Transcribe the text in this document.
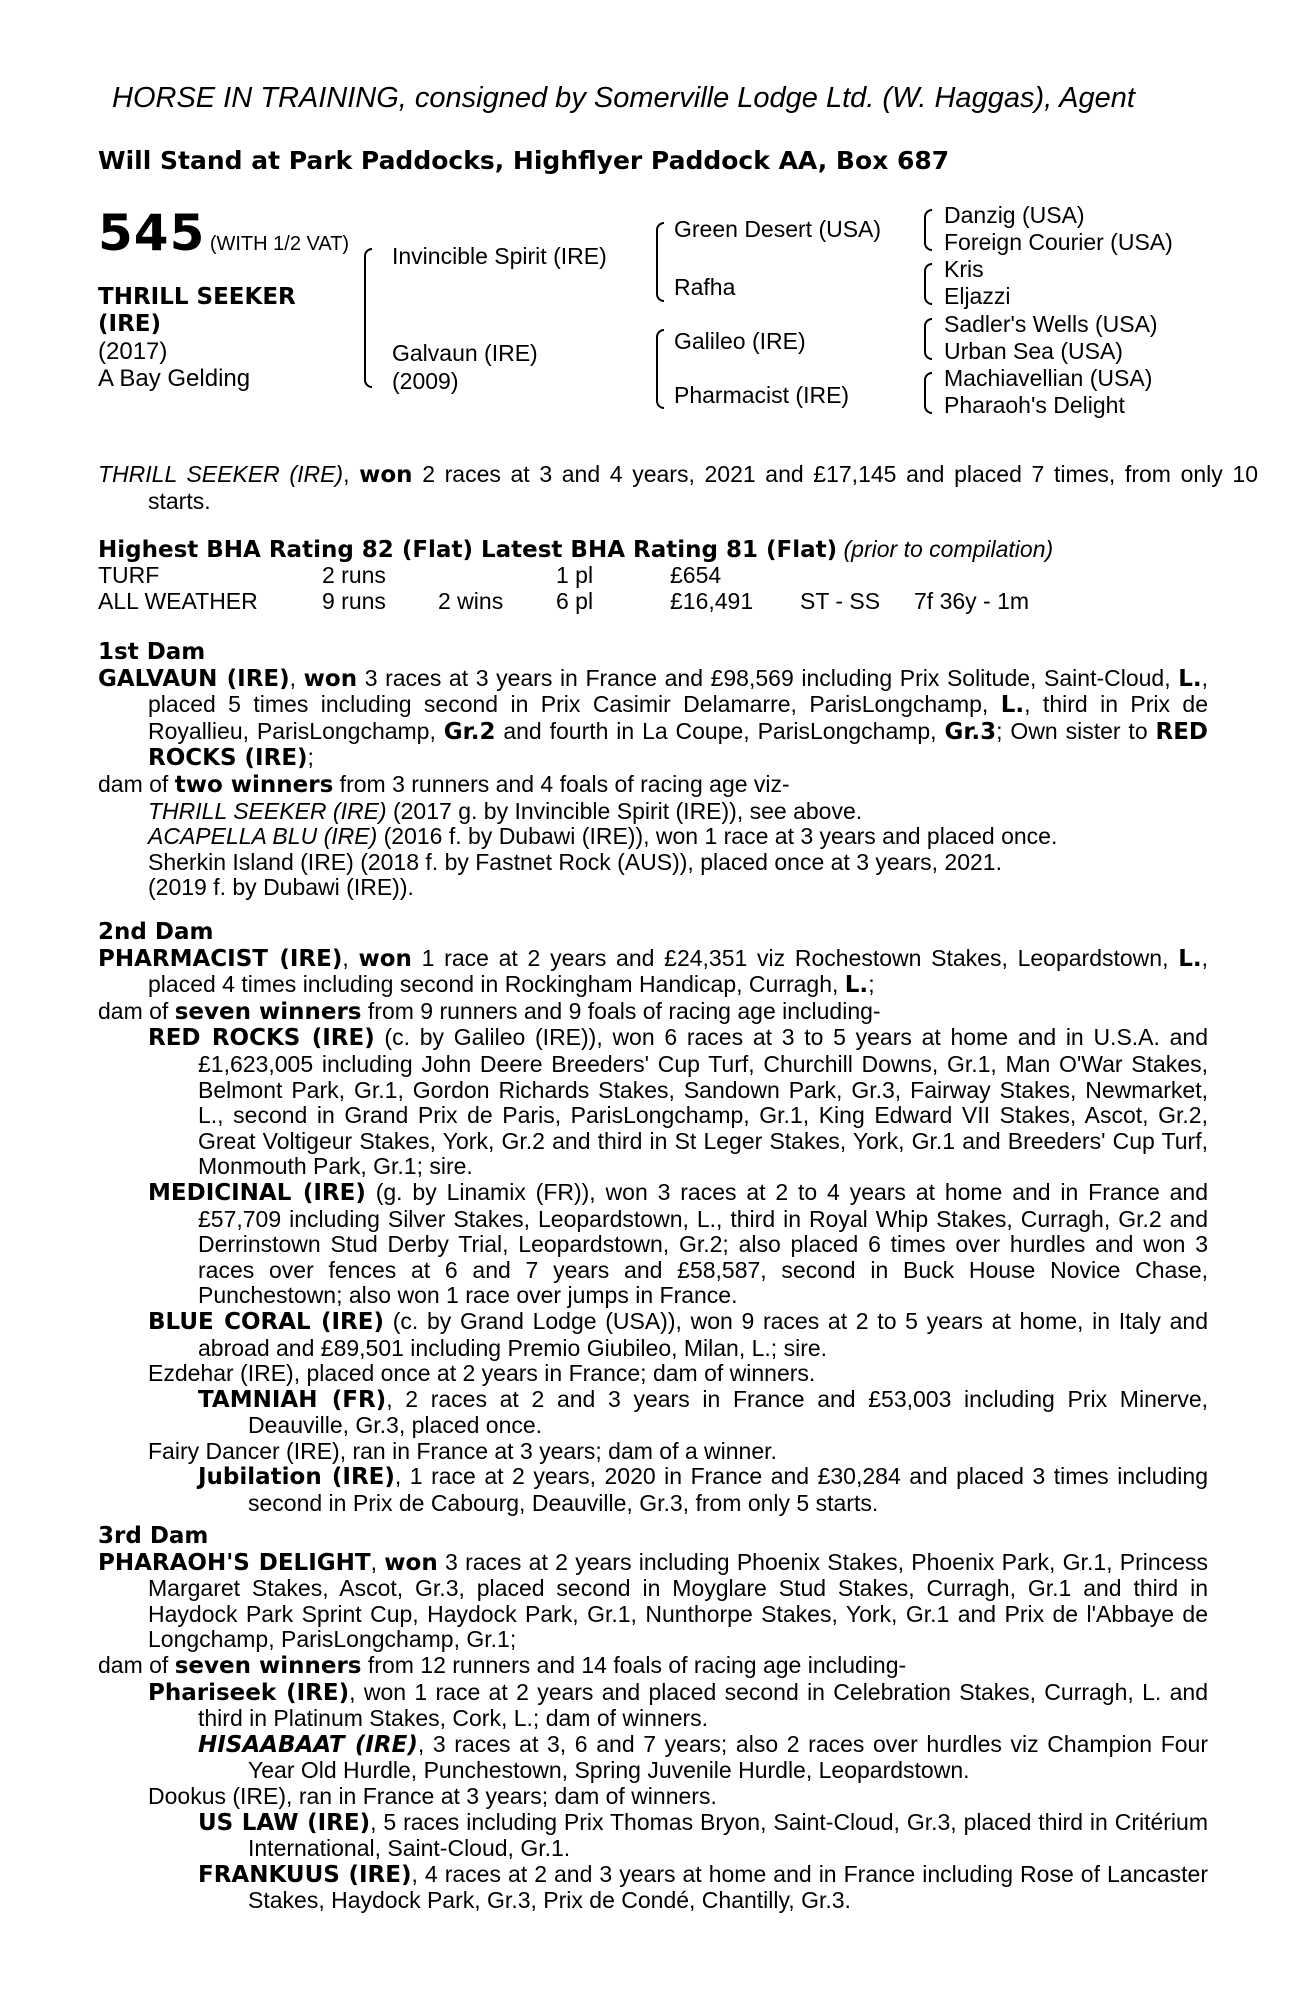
HORSE IN TRAINING, consigned by Somerville Lodge Ltd. (W. Haggas), Agent
Will Stand at Park Paddocks, Highflyer Paddock AA, Box 687
545 (WITH 1/2 VAT)
THRILL SEEKER
(IRE)
(2017)
A Bay Gelding
Invincible Spirit (IRE)
Galvaun (IRE)
(2009)
Green Desert (USA)
Rafha
Galileo (IRE)
Pharmacist (IRE)
Danzig (USA)
Foreign Courier (USA)
Kris
Eljazzi
Sadler's Wells (USA)
Urban Sea (USA)
Machiavellian (USA)
Pharaoh's Delight
THRILL SEEKER (IRE), won 2 races at 3 and 4 years, 2021 and £17,145 and placed 7 times, from only 10 starts.
Highest BHA Rating 82 (Flat) Latest BHA Rating 81 (Flat) (prior to compilation)
TURF	2 runs	1 pl	£654
ALL WEATHER	9 runs 2 wins 6 pl	£16,491 ST - SS 7f 36y - 1m
1st Dam
GALVAUN (IRE), won 3 races at 3 years in France and £98,569 including Prix Solitude, Saint-Cloud, L., placed 5 times including second in Prix Casimir Delamarre, ParisLongchamp, L., third in Prix de Royallieu, ParisLongchamp, Gr.2 and fourth in La Coupe, ParisLongchamp, Gr.3; Own sister to RED ROCKS (IRE);
dam of two winners from 3 runners and 4 foals of racing age viz-
THRILL SEEKER (IRE) (2017 g. by Invincible Spirit (IRE)), see above.
ACAPELLA BLU (IRE) (2016 f. by Dubawi (IRE)), won 1 race at 3 years and placed once.
Sherkin Island (IRE) (2018 f. by Fastnet Rock (AUS)), placed once at 3 years, 2021.
(2019 f. by Dubawi (IRE)).
2nd Dam
PHARMACIST (IRE), won 1 race at 2 years and £24,351 viz Rochestown Stakes, Leopardstown, L., placed 4 times including second in Rockingham Handicap, Curragh, L.;
dam of seven winners from 9 runners and 9 foals of racing age including-
RED ROCKS (IRE) (c. by Galileo (IRE)), won 6 races at 3 to 5 years at home and in U.S.A. and £1,623,005 including John Deere Breeders' Cup Turf, Churchill Downs, Gr.1, Man O'War Stakes, Belmont Park, Gr.1, Gordon Richards Stakes, Sandown Park, Gr.3, Fairway Stakes, Newmarket, L., second in Grand Prix de Paris, ParisLongchamp, Gr.1, King Edward VII Stakes, Ascot, Gr.2, Great Voltigeur Stakes, York, Gr.2 and third in St Leger Stakes, York, Gr.1 and Breeders' Cup Turf, Monmouth Park, Gr.1; sire.
MEDICINAL (IRE) (g. by Linamix (FR)), won 3 races at 2 to 4 years at home and in France and £57,709 including Silver Stakes, Leopardstown, L., third in Royal Whip Stakes, Curragh, Gr.2 and Derrinstown Stud Derby Trial, Leopardstown, Gr.2; also placed 6 times over hurdles and won 3 races over fences at 6 and 7 years and £58,587, second in Buck House Novice Chase, Punchestown; also won 1 race over jumps in France.
BLUE CORAL (IRE) (c. by Grand Lodge (USA)), won 9 races at 2 to 5 years at home, in Italy and abroad and £89,501 including Premio Giubileo, Milan, L.; sire.
Ezdehar (IRE), placed once at 2 years in France; dam of winners.
TAMNIAH (FR), 2 races at 2 and 3 years in France and £53,003 including Prix Minerve, Deauville, Gr.3, placed once.
Fairy Dancer (IRE), ran in France at 3 years; dam of a winner.
Jubilation (IRE), 1 race at 2 years, 2020 in France and £30,284 and placed 3 times including second in Prix de Cabourg, Deauville, Gr.3, from only 5 starts.
3rd Dam
PHARAOH'S DELIGHT, won 3 races at 2 years including Phoenix Stakes, Phoenix Park, Gr.1, Princess Margaret Stakes, Ascot, Gr.3, placed second in Moyglare Stud Stakes, Curragh, Gr.1 and third in Haydock Park Sprint Cup, Haydock Park, Gr.1, Nunthorpe Stakes, York, Gr.1 and Prix de l'Abbaye de Longchamp, ParisLongchamp, Gr.1;
dam of seven winners from 12 runners and 14 foals of racing age including-
Phariseek (IRE), won 1 race at 2 years and placed second in Celebration Stakes, Curragh, L. and third in Platinum Stakes, Cork, L.; dam of winners.
HISAABAAT (IRE), 3 races at 3, 6 and 7 years; also 2 races over hurdles viz Champion Four Year Old Hurdle, Punchestown, Spring Juvenile Hurdle, Leopardstown.
Dookus (IRE), ran in France at 3 years; dam of winners.
US LAW (IRE), 5 races including Prix Thomas Bryon, Saint-Cloud, Gr.3, placed third in Critérium International, Saint-Cloud, Gr.1.
FRANKUUS (IRE), 4 races at 2 and 3 years at home and in France including Rose of Lancaster Stakes, Haydock Park, Gr.3, Prix de Condé, Chantilly, Gr.3.
